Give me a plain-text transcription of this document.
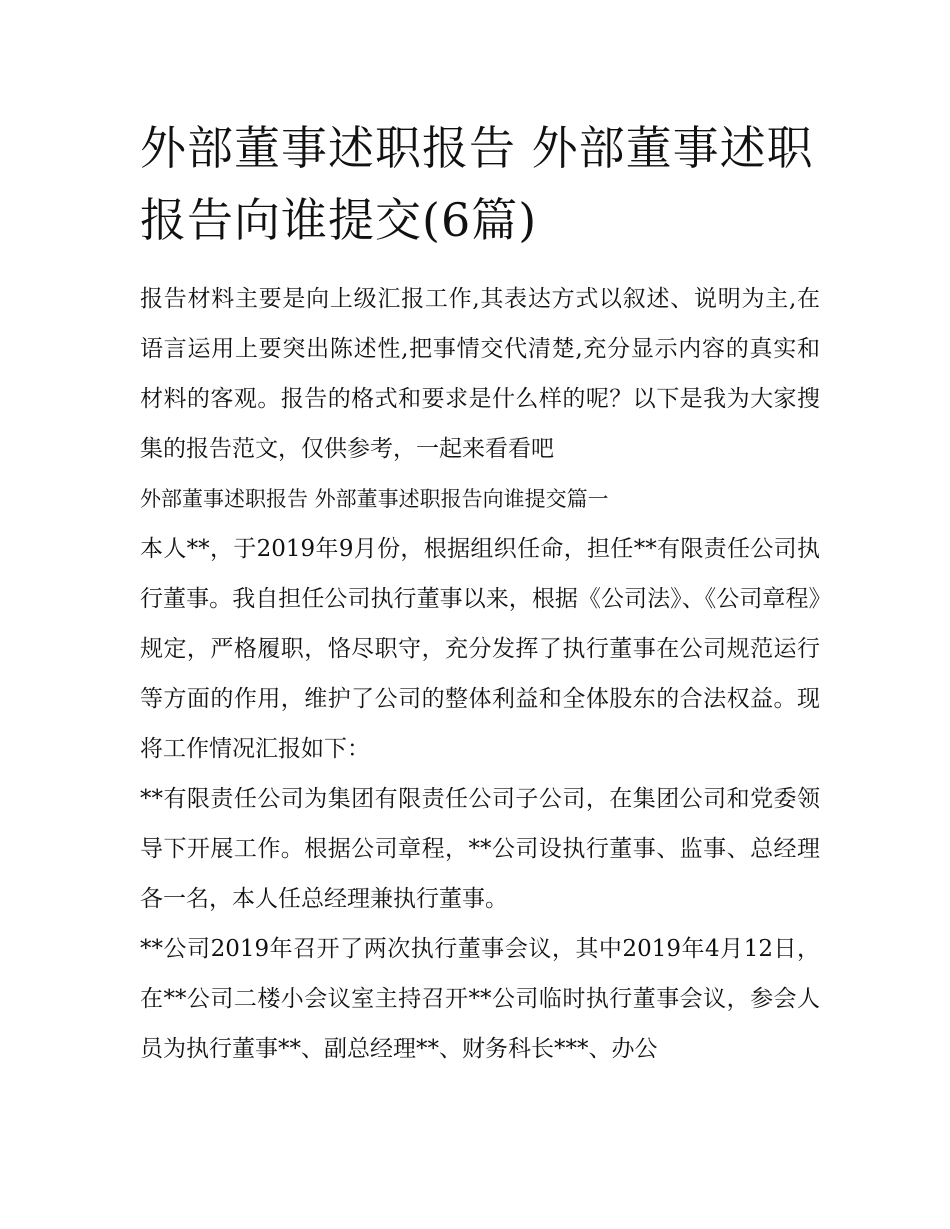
外部董事述职报告 外部董事述职报告向谁提交(6篇)

报告材料主要是向上级汇报工作,其表达方式以叙述、说明为主,在语言运用上要突出陈述性,把事情交代清楚,充分显示内容的真实和材料的客观。报告的格式和要求是什么样的呢？以下是我为大家搜集的报告范文，仅供参考，一起来看看吧

外部董事述职报告 外部董事述职报告向谁提交篇一

本人**，于2019年9月份，根据组织任命，担任**有限责任公司执行董事。我自担任公司执行董事以来，根据《公司法》、《公司章程》规定，严格履职，恪尽职守，充分发挥了执行董事在公司规范运行等方面的作用，维护了公司的整体利益和全体股东的合法权益。现将工作情况汇报如下：

**有限责任公司为集团有限责任公司子公司，在集团公司和党委领导下开展工作。根据公司章程，**公司设执行董事、监事、总经理各一名，本人任总经理兼执行董事。

**公司2019年召开了两次执行董事会议，其中2019年4月12日，在**公司二楼小会议室主持召开**公司临时执行董事会议，参会人员为执行董事**、副总经理**、财务科长***、办公
